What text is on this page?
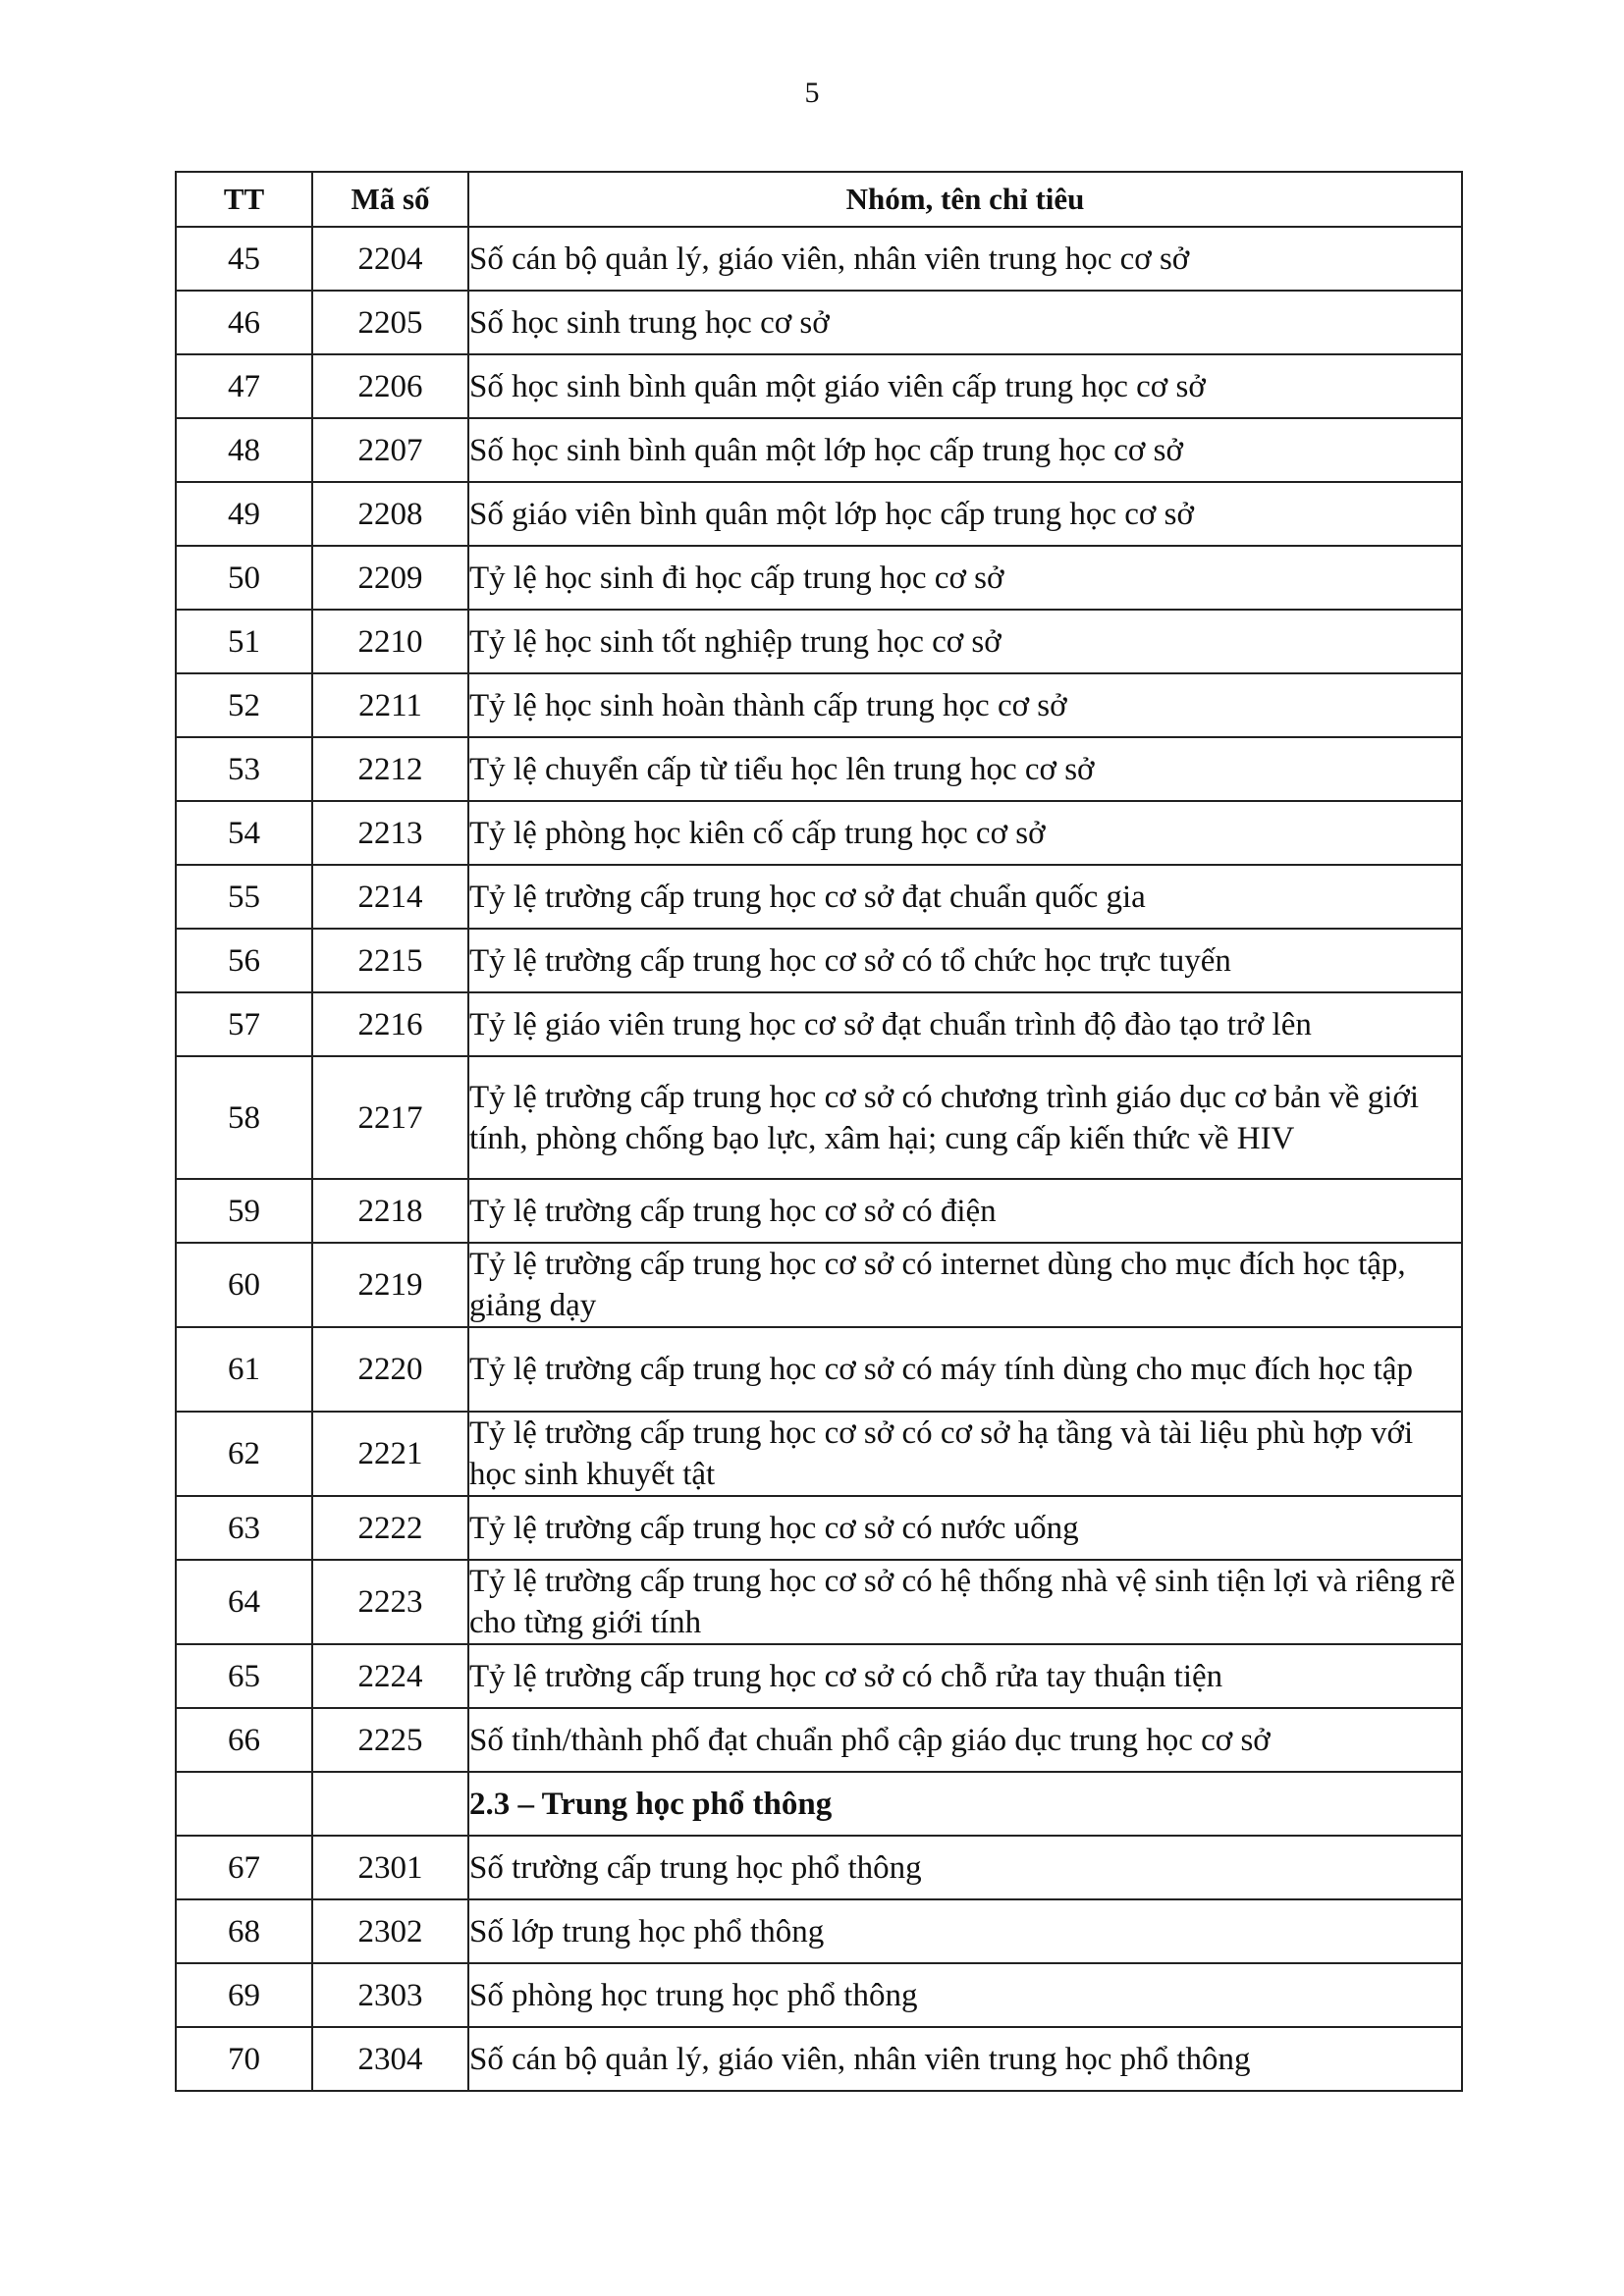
5
TT	Mã số	Nhóm, tên chỉ tiêu
45	2204	Số cán bộ quản lý, giáo viên, nhân viên trung học cơ sở
46	2205	Số học sinh trung học cơ sở
47	2206	Số học sinh bình quân một giáo viên cấp trung học cơ sở
48	2207	Số học sinh bình quân một lớp học cấp trung học cơ sở
49	2208	Số giáo viên bình quân một lớp học cấp trung học cơ sở
50	2209	Tỷ lệ học sinh đi học cấp trung học cơ sở
51	2210	Tỷ lệ học sinh tốt nghiệp trung học cơ sở
52	2211	Tỷ lệ học sinh hoàn thành cấp trung học cơ sở
53	2212	Tỷ lệ chuyển cấp từ tiểu học lên trung học cơ sở
54	2213	Tỷ lệ phòng học kiên cố cấp trung học cơ sở
55	2214	Tỷ lệ trường cấp trung học cơ sở đạt chuẩn quốc gia
56	2215	Tỷ lệ trường cấp trung học cơ sở có tổ chức học trực tuyến
57	2216	Tỷ lệ giáo viên trung học cơ sở đạt chuẩn trình độ đào tạo trở lên
58	2217	Tỷ lệ trường cấp trung học cơ sở có chương trình giáo dục cơ bản về giới tính, phòng chống bạo lực, xâm hại; cung cấp kiến thức về HIV
59	2218	Tỷ lệ trường cấp trung học cơ sở có điện
60	2219	Tỷ lệ trường cấp trung học cơ sở có internet dùng cho mục đích học tập, giảng dạy
61	2220	Tỷ lệ trường cấp trung học cơ sở có máy tính dùng cho mục đích học tập
62	2221	Tỷ lệ trường cấp trung học cơ sở có cơ sở hạ tầng và tài liệu phù hợp với học sinh khuyết tật
63	2222	Tỷ lệ trường cấp trung học cơ sở có nước uống
64	2223	Tỷ lệ trường cấp trung học cơ sở có hệ thống nhà vệ sinh tiện lợi và riêng rẽ cho từng giới tính
65	2224	Tỷ lệ trường cấp trung học cơ sở có chỗ rửa tay thuận tiện
66	2225	Số tỉnh/thành phố đạt chuẩn phổ cập giáo dục trung học cơ sở
		2.3 – Trung học phổ thông
67	2301	Số trường cấp trung học phổ thông
68	2302	Số lớp trung học phổ thông
69	2303	Số phòng học trung học phổ thông
70	2304	Số cán bộ quản lý, giáo viên, nhân viên trung học phổ thông
